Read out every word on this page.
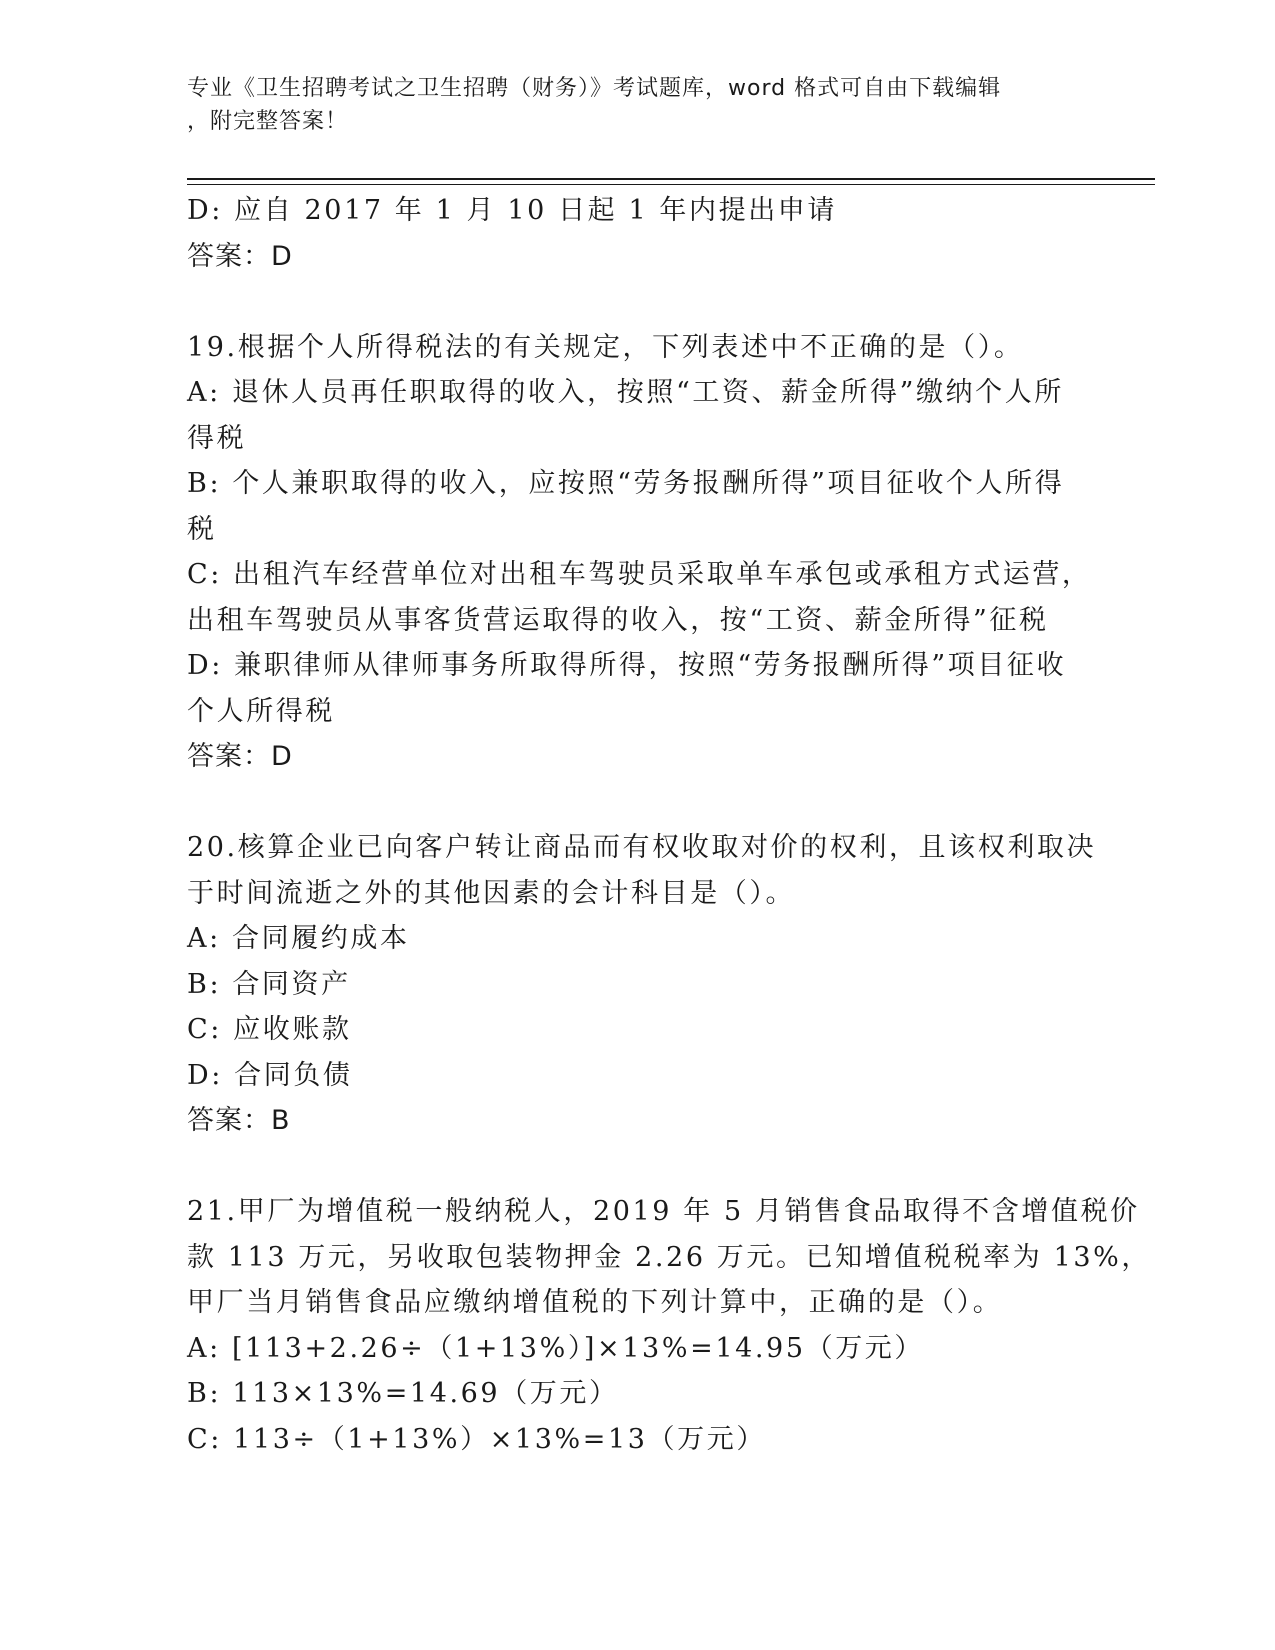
专业《卫生招聘考试之卫生招聘（财务）》考试题库，word 格式可自由下载编辑
，附完整答案！
D: 应自 2017 年 1 月 10 日起 1 年内提出申请
答案：D
19.根据个人所得税法的有关规定，下列表述中不正确的是（）。
A: 退休人员再任职取得的收入，按照“工资、薪金所得”缴纳个人所
得税
B: 个人兼职取得的收入，应按照“劳务报酬所得”项目征收个人所得
税
C: 出租汽车经营单位对出租车驾驶员采取单车承包或承租方式运营，
出租车驾驶员从事客货营运取得的收入，按“工资、薪金所得”征税
D: 兼职律师从律师事务所取得所得，按照“劳务报酬所得”项目征收
个人所得税
答案：D
20.核算企业已向客户转让商品而有权收取对价的权利，且该权利取决
于时间流逝之外的其他因素的会计科目是（）。
A: 合同履约成本
B: 合同资产
C: 应收账款
D: 合同负债
答案：B
21.甲厂为增值税一般纳税人，2019 年 5 月销售食品取得不含增值税价
款 113 万元，另收取包装物押金 2.26 万元。已知增值税税率为 13%，
甲厂当月销售食品应缴纳增值税的下列计算中，正确的是（）。
A: [113+2.26÷（1+13%）]×13%=14.95（万元）
B: 113×13%=14.69（万元）
C: 113÷（1+13%）×13%=13（万元）
